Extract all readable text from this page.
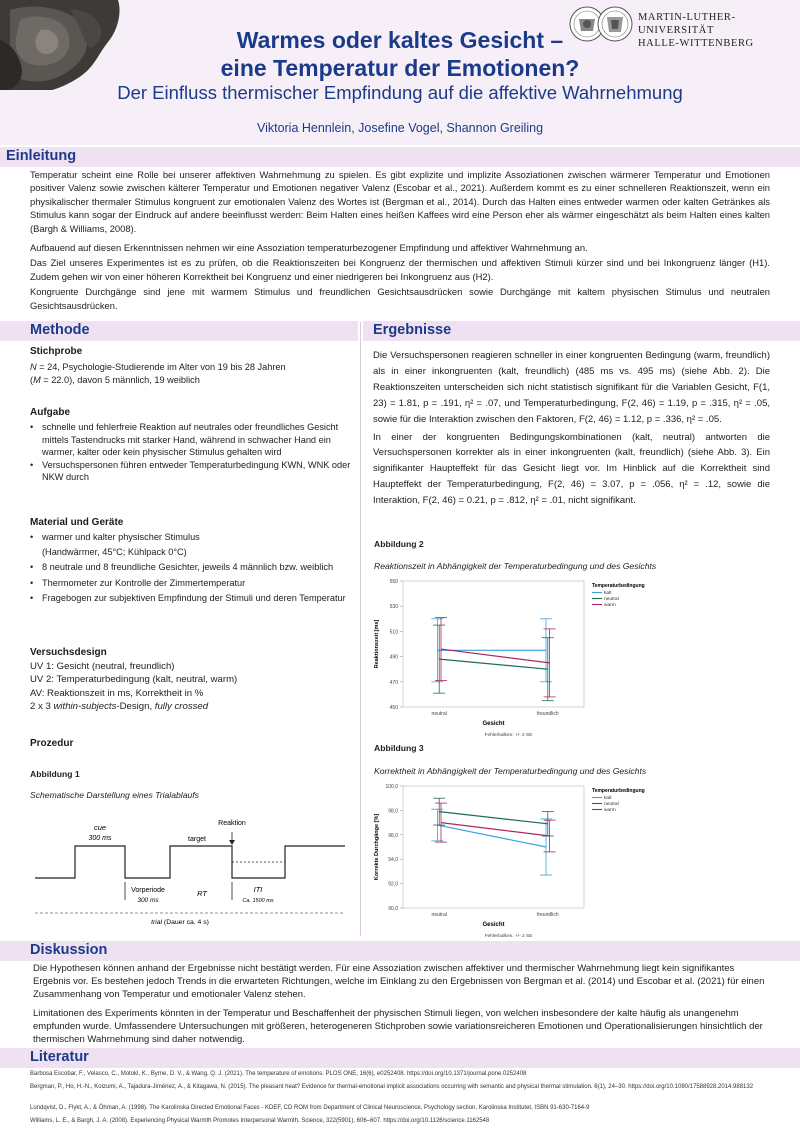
MARTIN-LUTHER-UNIVERSITÄT
HALLE-WITTENBERG
Warmes oder kaltes Gesicht –
eine Temperatur der Emotionen?
Der Einfluss thermischer Empfindung auf die affektive Wahrnehmung
Viktoria Hennlein, Josefine Vogel, Shannon Greiling
Einleitung

Temperatur scheint eine Rolle bei unserer affektiven Wahrnehmung zu spielen. Es gibt explizite und implizite Assoziationen zwischen wärmerer Temperatur und Emotionen positiver Valenz sowie zwischen kälterer Temperatur und Emotionen negativer Valenz (Escobar et al., 2021). Außerdem kommt es zu einer schnelleren Reaktionszeit, wenn ein physikalischer thermaler Stimulus kongruent zur emotionalen Valenz des Wortes ist (Bergman et al., 2014). Durch das Halten eines entweder warmen oder kalten Getränkes als Stimulus kann sogar der Eindruck auf andere beeinflusst werden: Beim Halten eines heißen Kaffees wird eine Person eher als wärmer eingeschätzt als beim Halten eines kalten (Bargh & Williams, 2008).

Aufbauend auf diesen Erkenntnissen nehmen wir eine Assoziation temperaturbezogener Empfindung und affektiver Wahrnehmung an.

Das Ziel unseres Experimentes ist es zu prüfen, ob die Reaktionszeiten bei Kongruenz der thermischen und affektiven Stimuli kürzer sind und bei Inkongruenz länger (H1). Zudem gehen wir von einer höheren Korrektheit bei Kongruenz und einer niedrigeren bei Inkongruenz aus (H2).

Kongruente Durchgänge sind jene mit warmem Stimulus und freundlichen Gesichtsausdrücken sowie Durchgänge mit kaltem physischen Stimulus und neutralen Gesichtsausdrücken.

Methode
Stichprobe
N = 24, Psychologie-Studierende im Alter von 19 bis 28 Jahren
(M = 22.0), davon 5 männlich, 19 weiblich
Aufgabe
• schnelle und fehlerfreie Reaktion auf neutrales oder freundliches Gesicht mittels Tastendrucks mit starker Hand, während in schwacher Hand ein warmer, kalter oder kein physischer Stimulus gehalten wird
• Versuchspersonen führen entweder Temperaturbedingung KWN, WNK oder NKW durch
Material und Geräte
• warmer und kalter physischer Stimulus
(Handwärmer, 45°C; Kühlpack 0°C)
• 8 neutrale und 8 freundliche Gesichter, jeweils 4 männlich bzw. weiblich
• Thermometer zur Kontrolle der Zimmertemperatur
• Fragebogen zur subjektiven Empfindung der Stimuli und deren Temperatur
Versuchsdesign
UV 1: Gesicht (neutral, freundlich)
UV 2: Temperaturbedingung (kalt, neutral, warm)
AV: Reaktionszeit in ms, Korrektheit in %
2 x 3 within-subjects-Design, fully crossed
Prozedur
Abbildung 1
Schematische Darstellung eines Trialablaufs
cue
300 ms	target
Reaktion
Vorperiode
300 ms
RT	ITI
Ca. 1500 ms
trial (Dauer ca. 4 s)
Ergebnisse

Die Versuchspersonen reagieren schneller in einer kongruenten Bedingung (warm, freundlich) als in einer inkongruenten (kalt, freundlich) (485 ms vs. 495 ms) (siehe Abb. 2). Die Reaktionszeiten unterscheiden sich nicht statistisch signifikant für die Variablen Gesicht, F(1, 23) = 1.81, p = .191, η² = .07, und Temperaturbedingung, F(2, 46) = 1.19, p = .315, η² = .05, sowie für die Interaktion zwischen den Faktoren, F(2, 46) = 1.12, p = .336, η² = .05.

In einer der kongruenten Bedingungskombinationen (kalt, neutral) antworten die Versuchspersonen korrekter als in einer inkongruenten (kalt, freundlich) (siehe Abb. 3). Ein signifikanter Haupteffekt für das Gesicht liegt vor. Im Hinblick auf die Korrektheit sind Haupteffekt der Temperaturbedingung, F(2, 46) = 3.07, p = .056, η² = .12, sowie die Interaktion, F(2, 46) = 0.21, p = .812, η² = .01, nicht signifikant.

Abbildung 2
Reaktionszeit in Abhängigkeit der Temperaturbedingung und des Gesichts
450
470
490
510
530
550
neutral	freundlich
Gesicht
Fehlerbalken: +/- 2 SE
Reaktionszeit [ms]
Temperaturbedingung
kalt
neutral
warm
Abbildung 3
Korrektheit in Abhängigkeit der Temperaturbedingung und des Gesichts
90,0
92,0
94,0
96,0
98,0
100,0
neutral	freundlich
Gesicht
Fehlerbalken: +/- 2 SE
Korrekte Durchgänge [%]
Temperaturbedingung
kalt
neutral
warm
Diskussion

Die Hypothesen können anhand der Ergebnisse nicht bestätigt werden. Für eine Assoziation zwischen affektiver und thermischer Wahrnehmung liegt kein signifikantes Ergebnis vor. Es bestehen jedoch Trends in die erwarteten Richtungen, welche im Einklang zu den Ergebnissen von Bergman et al. (2014) und Escobar et al. (2021) für einen Zusammenhang von Temperatur und emotionaler Valenz stehen.

Limitationen des Experiments könnten in der Temperatur und Beschaffenheit der physischen Stimuli liegen, von welchen insbesondere der kalte häufig als unangenehm empfunden wurde. Umfassendere Untersuchungen mit größeren, heterogeneren Stichproben sowie variationsreicheren Emotionen und Operationalisierungen hinsichtlich der thermischen Wahrnehmung sind daher notwendig.

Literatur
Barbosa Escobar, F., Velasco, C., Motoki, K., Byrne, D. V., & Wang, Q. J. (2021). The temperature of emotions. PLOS ONE, 16(6), e0252408. https://doi.org/10.1371/journal.pone.0252408
Bergman, P., Ho, H.-N., Koizumi, A., Tajadura-Jiménez, A., & Kitagawa, N. (2015). The pleasant heat? Evidence for thermal-emotional implicit associations occurring with semantic and physical thermal stimulation. 6(1), 24–30. https://doi.org/10.1080/17588928.2014.988132
Lundqvist, D., Flykt, A., & Öhman, A. (1998). The Karolinska Directed Emotional Faces - KDEF, CD ROM from Department of Clinical Neuroscience, Psychology section, Karolinska Institutet, ISBN 91-630-7164-9
Williams, L. E., & Bargh, J. A. (2008). Experiencing Physical Warmth Promotes Interpersonal Warmth. Science, 322(5901), 606–607. https://doi.org/10.1126/science.1162548
